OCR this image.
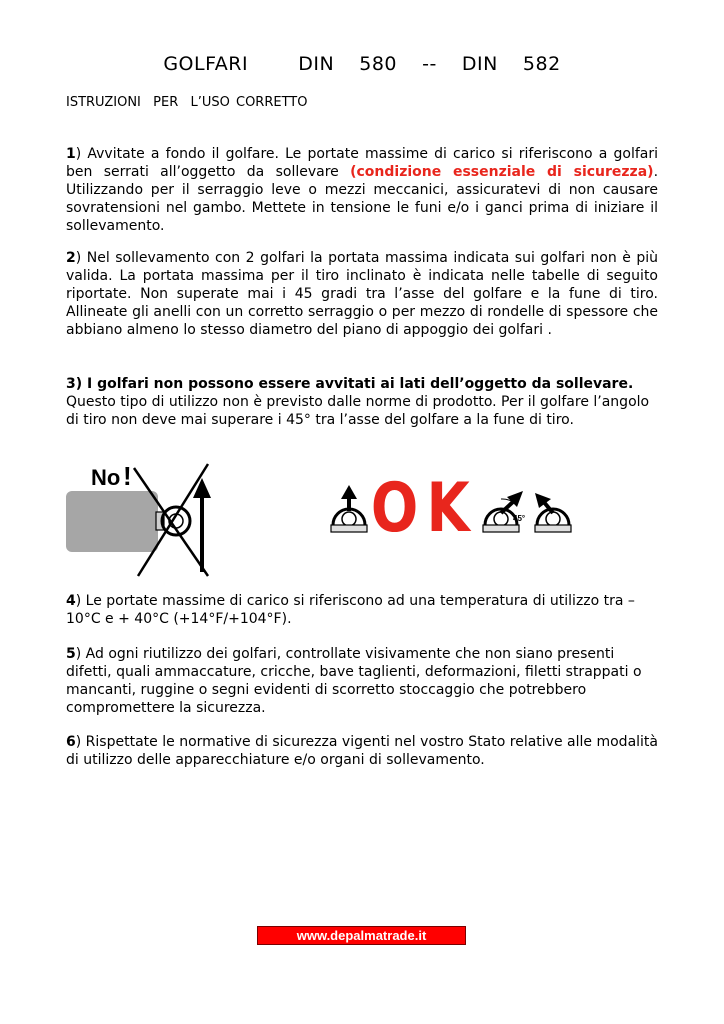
GOLFARI    DIN  580  --  DIN  582
ISTRUZIONI  PER  L’USO CORRETTO

1) Avvitate a fondo il golfare. Le portate massime di carico si riferiscono a golfari ben serrati all’oggetto da sollevare (condizione essenziale di sicurezza). Utilizzando per il serraggio leve o mezzi meccanici, assicuratevi di non causare sovratensioni nel gambo. Mettete in tensione le funi e/o i ganci prima di iniziare il sollevamento.

2) Nel sollevamento con 2 golfari la portata massima indicata sui golfari non è più valida. La portata massima per il tiro inclinato è indicata nelle tabelle di seguito riportate. Non superate mai i 45 gradi tra l’asse del golfare e la fune di tiro. Allineate gli anelli con un corretto serraggio o per mezzo di rondelle di spessore che abbiano almeno lo stesso diametro del piano di appoggio dei golfari .

3) I golfari non possono essere avvitati ai lati dell’oggetto da sollevare.
Questo tipo di utilizzo non è previsto dalle norme di prodotto. Per il golfare l’angolo di tiro non deve mai superare i 45° tra l’asse del golfare a la fune di tiro.

No !	OK	45°

4) Le portate massime di carico si riferiscono ad una temperatura di utilizzo tra –10°C e + 40°C (+14°F/+104°F).

5) Ad ogni riutilizzo dei golfari, controllate visivamente che non siano presenti difetti, quali ammaccature, cricche, bave taglienti, deformazioni, filetti strappati o mancanti, ruggine o segni evidenti di scorretto stoccaggio che potrebbero compromettere la sicurezza.

6) Rispettate le normative di sicurezza vigenti nel vostro Stato relative alle modalità di utilizzo delle apparecchiature e/o organi di sollevamento.

www.depalmatrade.it
